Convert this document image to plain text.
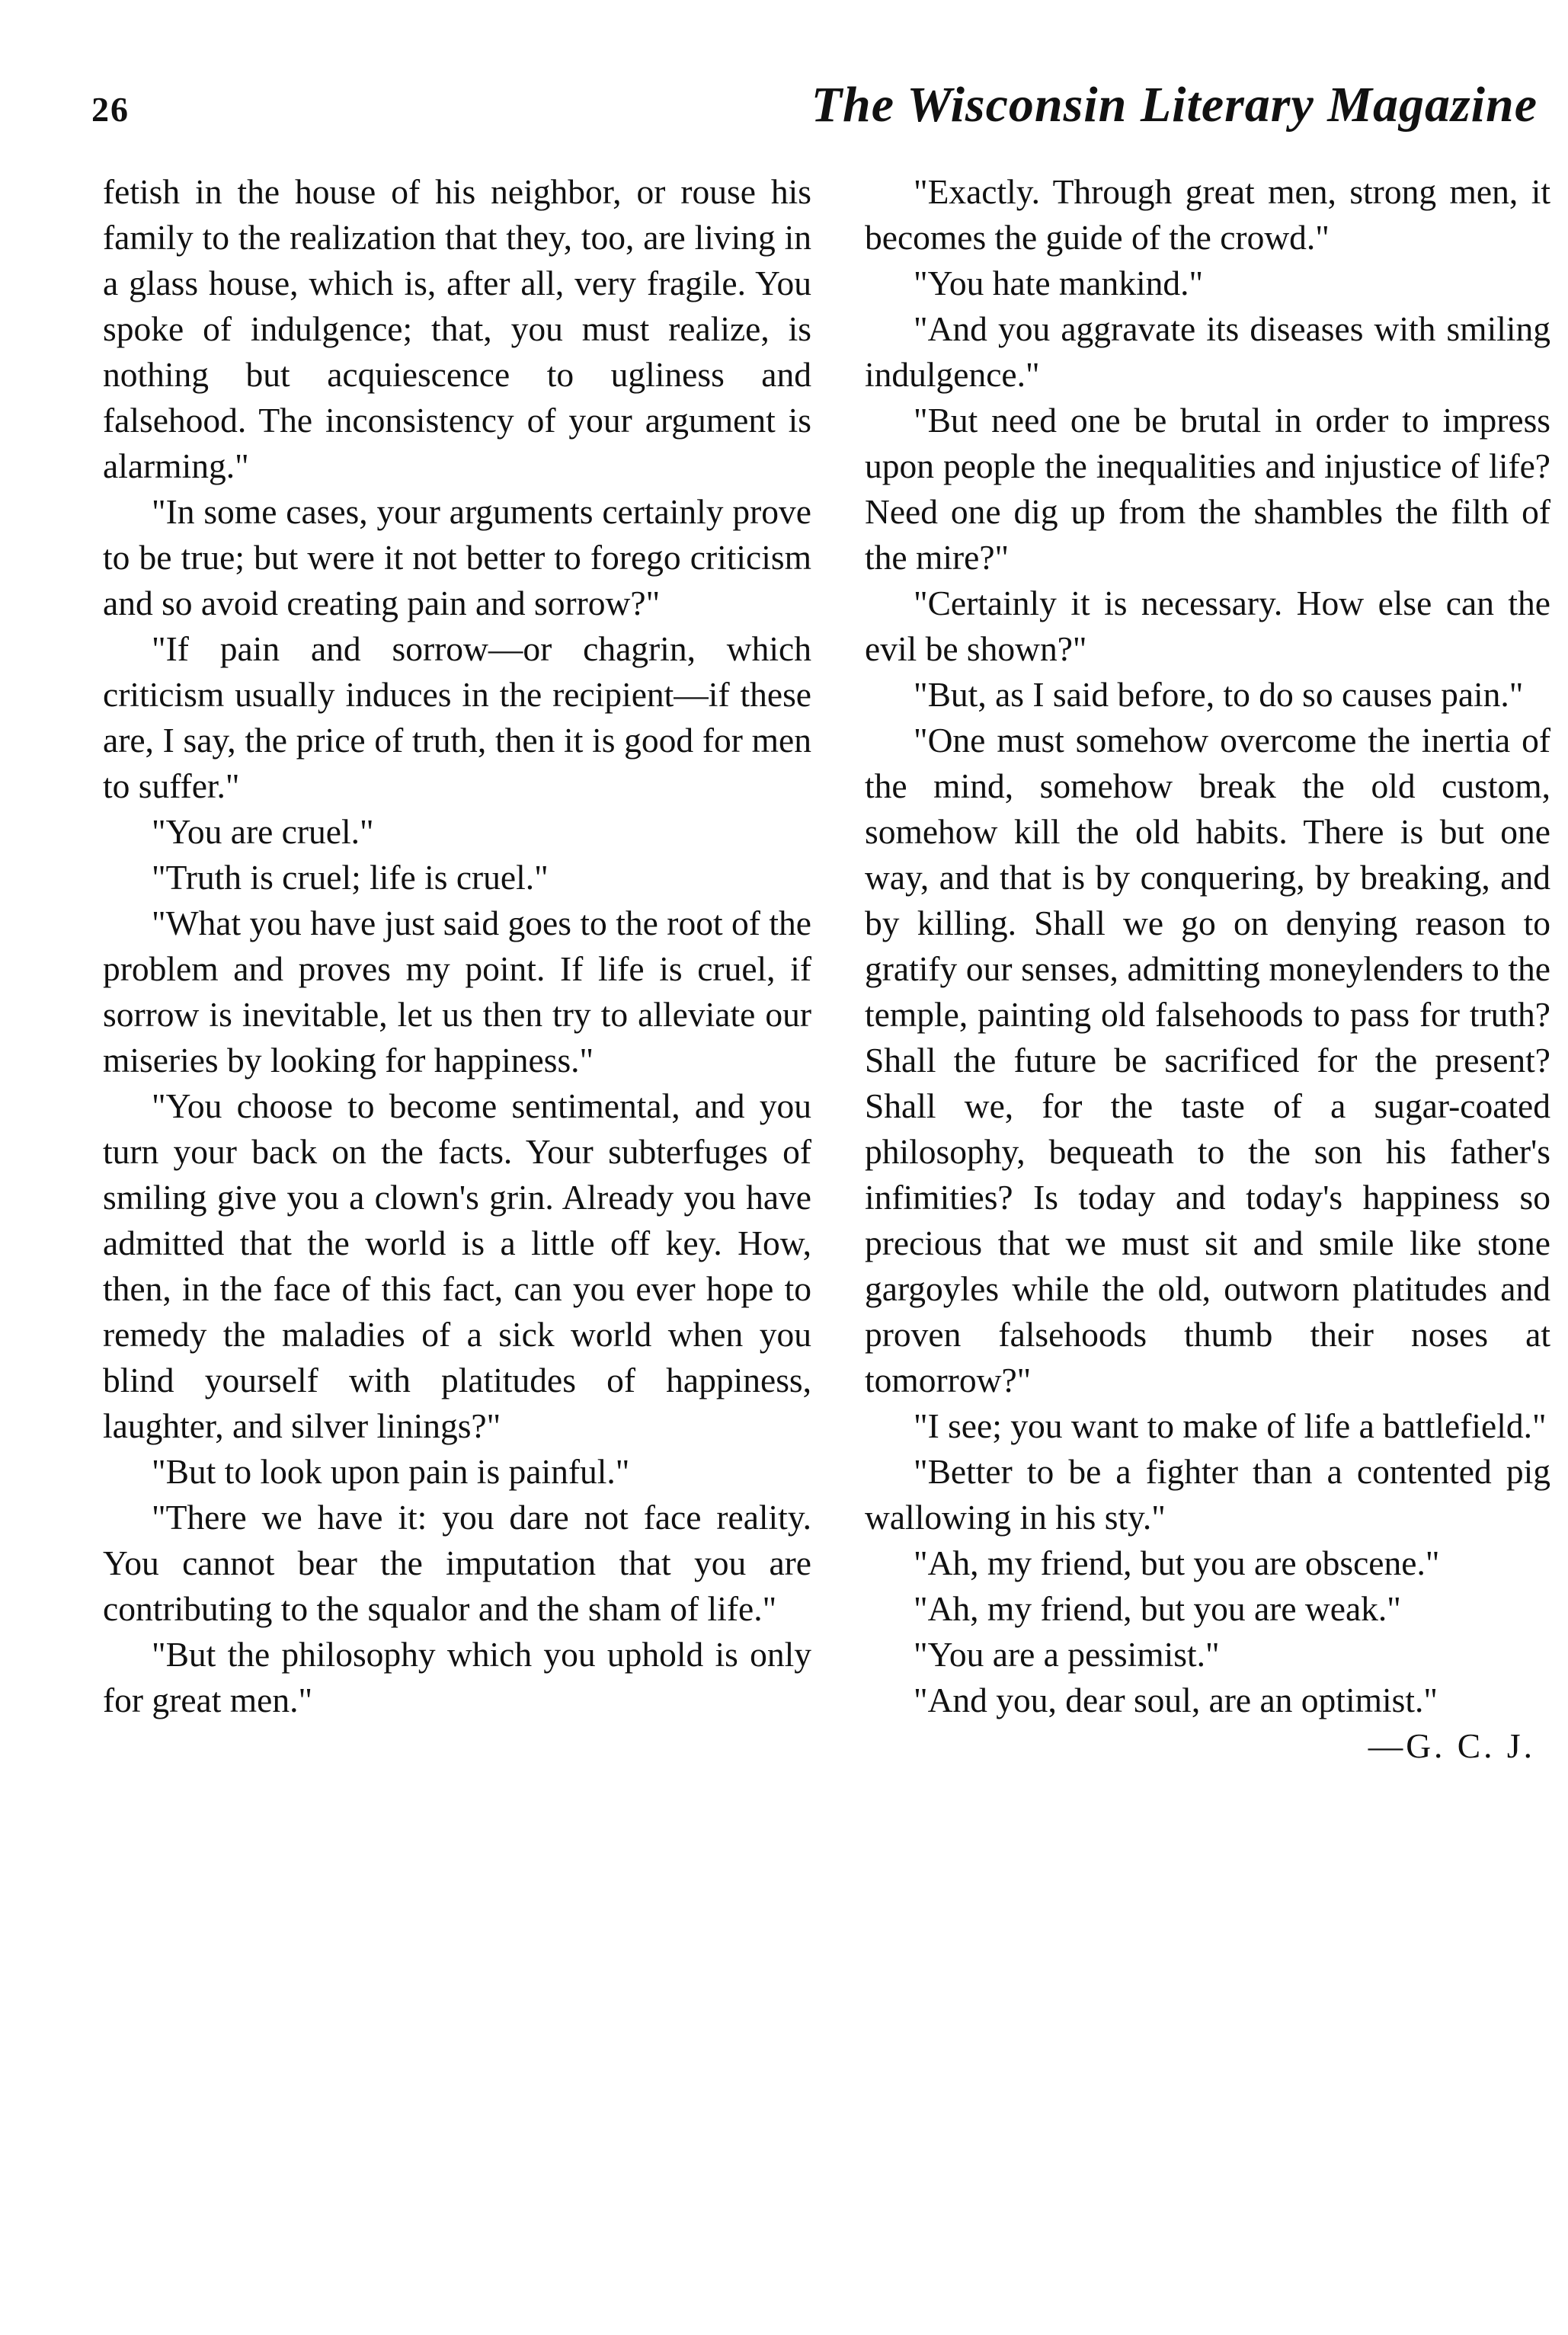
26	The Wisconsin Literary Magazine

fetish in the house of his neighbor, or rouse his family to the realization that they, too, are living in a glass house, which is, after all, very fragile. You spoke of indulgence; that, you must realize, is nothing but acquiescence to ugliness and falsehood. The inconsistency of your argument is alarming."

"In some cases, your arguments certainly prove to be true; but were it not better to forego criticism and so avoid creating pain and sorrow?"

"If pain and sorrow—or chagrin, which criticism usually induces in the recipient—if these are, I say, the price of truth, then it is good for men to suffer."

"You are cruel."

"Truth is cruel; life is cruel."

"What you have just said goes to the root of the problem and proves my point. If life is cruel, if sorrow is inevitable, let us then try to alleviate our miseries by looking for happiness."

"You choose to become sentimental, and you turn your back on the facts. Your subterfuges of smiling give you a clown's grin. Already you have admitted that the world is a little off key. How, then, in the face of this fact, can you ever hope to remedy the maladies of a sick world when you blind yourself with platitudes of happiness, laughter, and silver linings?"

"But to look upon pain is painful."

"There we have it: you dare not face reality. You cannot bear the imputation that you are contributing to the squalor and the sham of life."

"But the philosophy which you uphold is only for great men."

"Exactly. Through great men, strong men, it becomes the guide of the crowd."

"You hate mankind."

"And you aggravate its diseases with smiling indulgence."

"But need one be brutal in order to impress upon people the inequalities and injustice of life? Need one dig up from the shambles the filth of the mire?"

"Certainly it is necessary. How else can the evil be shown?"

"But, as I said before, to do so causes pain."

"One must somehow overcome the inertia of the mind, somehow break the old custom, somehow kill the old habits. There is but one way, and that is by conquering, by breaking, and by killing. Shall we go on denying reason to gratify our senses, admitting moneylenders to the temple, painting old falsehoods to pass for truth? Shall the future be sacrificed for the present? Shall we, for the taste of a sugar-coated philosophy, bequeath to the son his father's infimities? Is today and today's happiness so precious that we must sit and smile like stone gargoyles while the old, outworn platitudes and proven falsehoods thumb their noses at tomorrow?"

"I see; you want to make of life a battlefield."

"Better to be a fighter than a contented pig wallowing in his sty."

"Ah, my friend, but you are obscene."

"Ah, my friend, but you are weak."

"You are a pessimist."

"And you, dear soul, are an optimist."

—G. C. J.
